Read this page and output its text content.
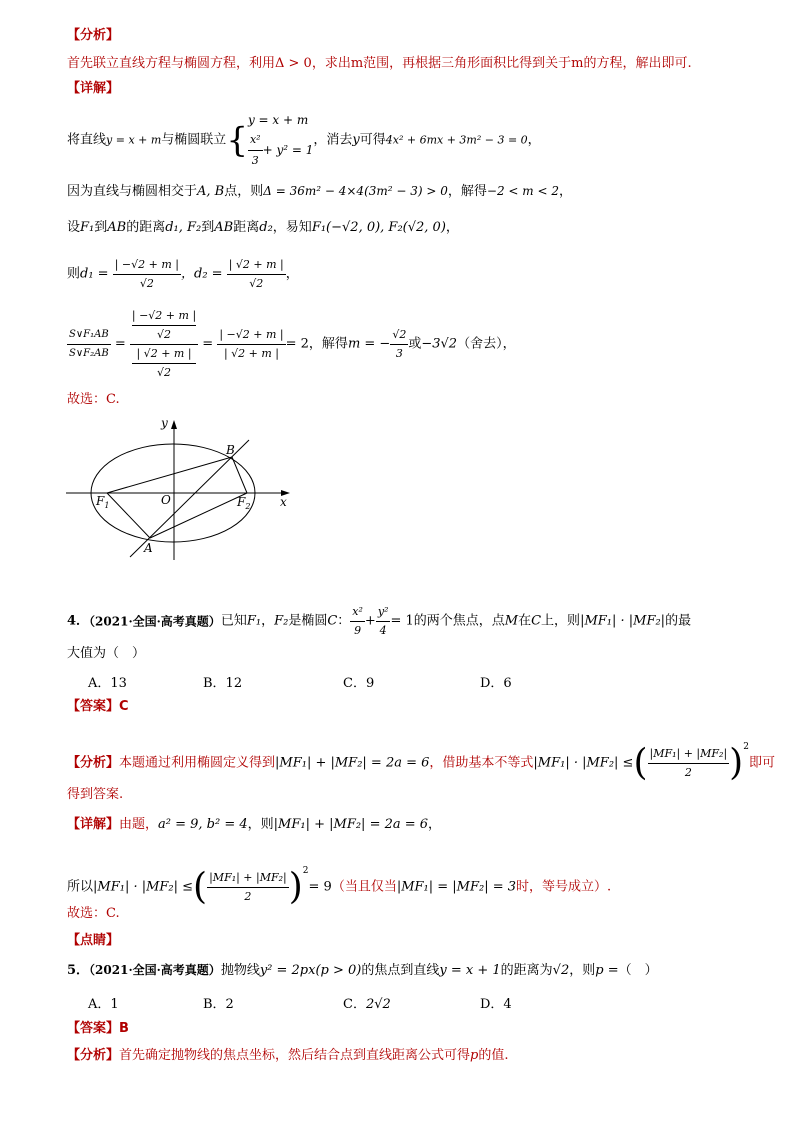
【分析】
首先联立直线方程与椭圆方程，利用Δ > 0，求出m范围，再根据三角形面积比得到关于m的方程，解出即可.
【详解】
将直线y = x + m与椭圆联立{
y = x + m
$\frac{\text{x²}}{3} + y^2 = 1$
，消去y可得4x² + 6mx + 3m² − 3 = 0，
因为直线与椭圆相交于A, B点，则Δ = 36m² − 4×4(3m² − 3) > 0，解得−2 < m < 2，
设F₁到AB的距离d₁, F₂到AB距离d₂，易知F₁(−√2, 0), F₂(√2, 0)，
则$d_1 = \frac{| -√2 + m |}{√2}$ ，$d_2 = \frac{| √2 + m |}{√2}$ ，
$\frac{\text{S∨F₁AB}}{\text{S∨F₂AB}}$ = | −√2 + m |
√2
| √2 + m |
$√2 = \frac{| -√2 + m |}{| √2 + m |} = 2$，解得m = − $\frac{√2}{3}$ 或−3√2（舍去），
故选：C.
y
x
O
B
A
$F_1$	$F_2$
4．（2021·全国·高考真题）已知F₁，F₂是椭圆C： $\frac{\text{x²}}{9} + \frac{\text{y²}}{4} = 1$的两个焦点，点M在C上，则|MF₁| · |MF₂|的最
大值为（　）
A．13	B．12	C．9	D．6
【答案】C
【分析】本题通过利用椭圆定义得到|MF₁| + |MF₂| = 2a = 6，借助基本不等式|MF₁| · |MF₂| ≤( $\frac{\text{|MF₁| + |MF₂|}}{2} )^2$即可
得到答案.
【详解】由题，a² = 9, b² = 4，则|MF₁| + |MF₂| = 2a = 6，
所以|MF₁| · |MF₂| ≤( $\frac{\text{|MF₁| + |MF₂|}}{2} )^2= 9$（当且仅当|MF₁| = |MF₂| = 3时，等号成立）.
故选：C.
【点睛】
5．（2021·全国·高考真题）抛物线y² = 2px(p > 0)的焦点到直线y = x + 1的距离为√2，则p =（　）
A．1	B．2	C．2√2	D．4
【答案】B
【分析】首先确定抛物线的焦点坐标，然后结合点到直线距离公式可得p的值.
